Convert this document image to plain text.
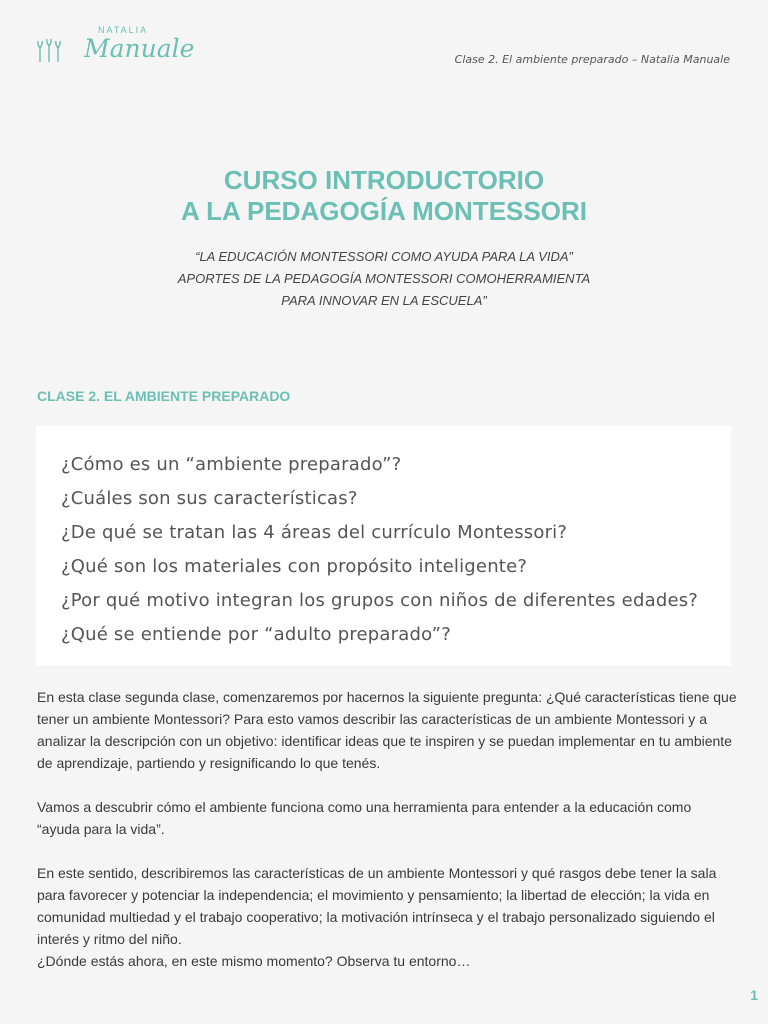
NATALIA
Manuale	Clase 2. El ambiente preparado – Natalia Manuale
CURSO INTRODUCTORIO
A LA PEDAGOGÍA MONTESSORI
“LA EDUCACIÓN MONTESSORI COMO AYUDA PARA LA VIDA”
APORTES DE LA PEDAGOGÍA MONTESSORI COMOHERRAMIENTA
PARA INNOVAR EN LA ESCUELA”
CLASE 2. EL AMBIENTE PREPARADO
¿Cómo es un “ambiente preparado”?
¿Cuáles son sus características?
¿De qué se tratan las 4 áreas del currículo Montessori?
¿Qué son los materiales con propósito inteligente?
¿Por qué motivo integran los grupos con niños de diferentes edades?
¿Qué se entiende por “adulto preparado”?

En esta clase segunda clase, comenzaremos por hacernos la siguiente pregunta: ¿Qué características tiene que tener un ambiente Montessori? Para esto vamos describir las características de un ambiente Montessori y a analizar la descripción con un objetivo: identificar ideas que te inspiren y se puedan implementar en tu ambiente de aprendizaje, partiendo y resignificando lo que tenés.

Vamos a descubrir cómo el ambiente funciona como una herramienta para entender a la educación como “ayuda para la vida”.

En este sentido, describiremos las características de un ambiente Montessori y qué rasgos debe tener la sala para favorecer y potenciar la independencia; el movimiento y pensamiento; la libertad de elección; la vida en comunidad multiedad y el trabajo cooperativo; la motivación intrínseca y el trabajo personalizado siguiendo el interés y ritmo del niño.

¿Dónde estás ahora, en este mismo momento? Observa tu entorno…

1
